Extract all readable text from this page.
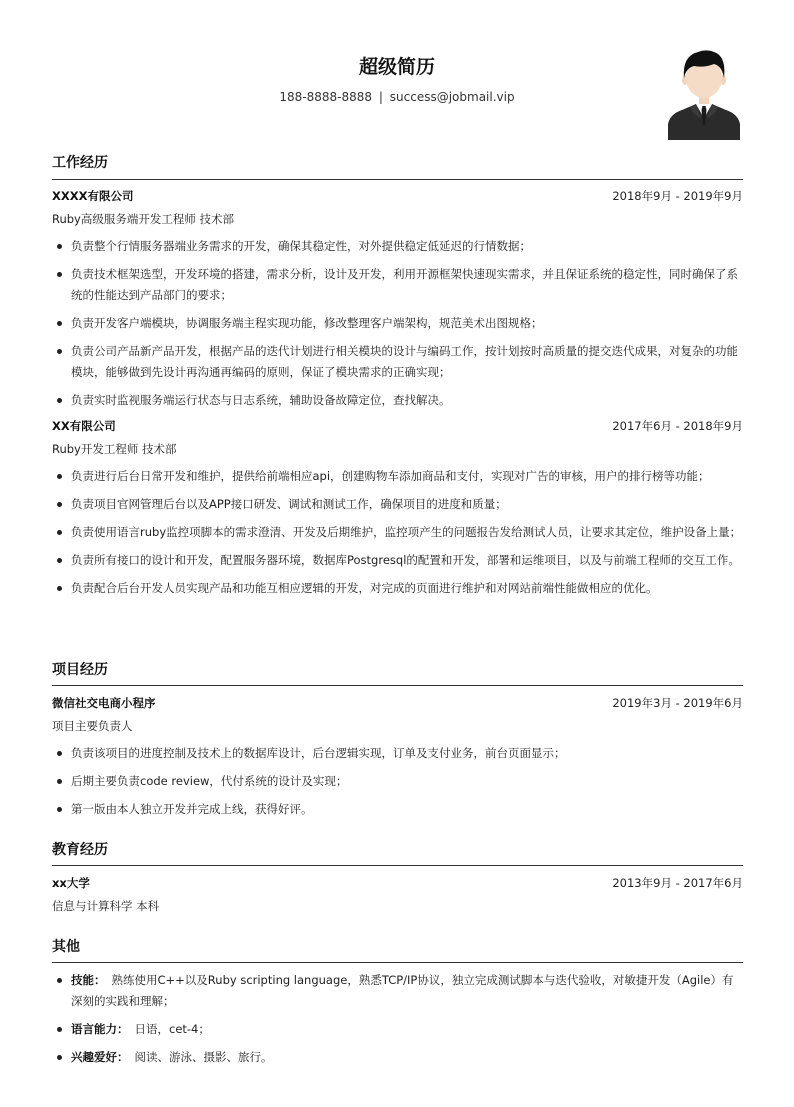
超级简历
188-8888-8888 | success@jobmail.vip
工作经历
XXXX有限公司	2018年9月 - 2019年9月
Ruby高级服务端开发工程师 技术部
负责整个行情服务器端业务需求的开发，确保其稳定性，对外提供稳定低延迟的行情数据；
负责技术框架选型，开发环境的搭建，需求分析，设计及开发，利用开源框架快速现实需求，并且保证系统的稳定性，同时确保了系统的性能达到产品部门的要求；
负责开发客户端模块，协调服务端主程实现功能，修改整理客户端架构，规范美术出图规格；
负责公司产品新产品开发，根据产品的迭代计划进行相关模块的设计与编码工作，按计划按时高质量的提交迭代成果，对复杂的功能模块，能够做到先设计再沟通再编码的原则，保证了模块需求的正确实现；
负责实时监视服务端运行状态与日志系统，辅助设备故障定位，查找解决。
XX有限公司	2017年6月 - 2018年9月
Ruby开发工程师 技术部
负责进行后台日常开发和维护，提供给前端相应api，创建购物车添加商品和支付，实现对广告的审核，用户的排行榜等功能；
负责项目官网管理后台以及APP接口研发、调试和测试工作，确保项目的进度和质量；
负责使用语言ruby监控项脚本的需求澄清、开发及后期维护，监控项产生的问题报告发给测试人员，让要求其定位，维护设备上量；
负责所有接口的设计和开发，配置服务器环境，数据库Postgresql的配置和开发，部署和运维项目，以及与前端工程师的交互工作。
负责配合后台开发人员实现产品和功能互相应逻辑的开发，对完成的页面进行维护和对网站前端性能做相应的优化。
项目经历
微信社交电商小程序	2019年3月 - 2019年6月
项目主要负责人
负责该项目的进度控制及技术上的数据库设计，后台逻辑实现，订单及支付业务，前台页面显示；
后期主要负责code review，代付系统的设计及实现；
第一版由本人独立开发并完成上线，获得好评。
教育经历
xx大学	2013年9月 - 2017年6月
信息与计算科学 本科
其他
技能： 熟练使用C++以及Ruby scripting language，熟悉TCP/IP协议，独立完成测试脚本与迭代验收，对敏捷开发（Agile）有深刻的实践和理解；
语言能力： 日语，cet-4；
兴趣爱好： 阅读、游泳、摄影、旅行。
